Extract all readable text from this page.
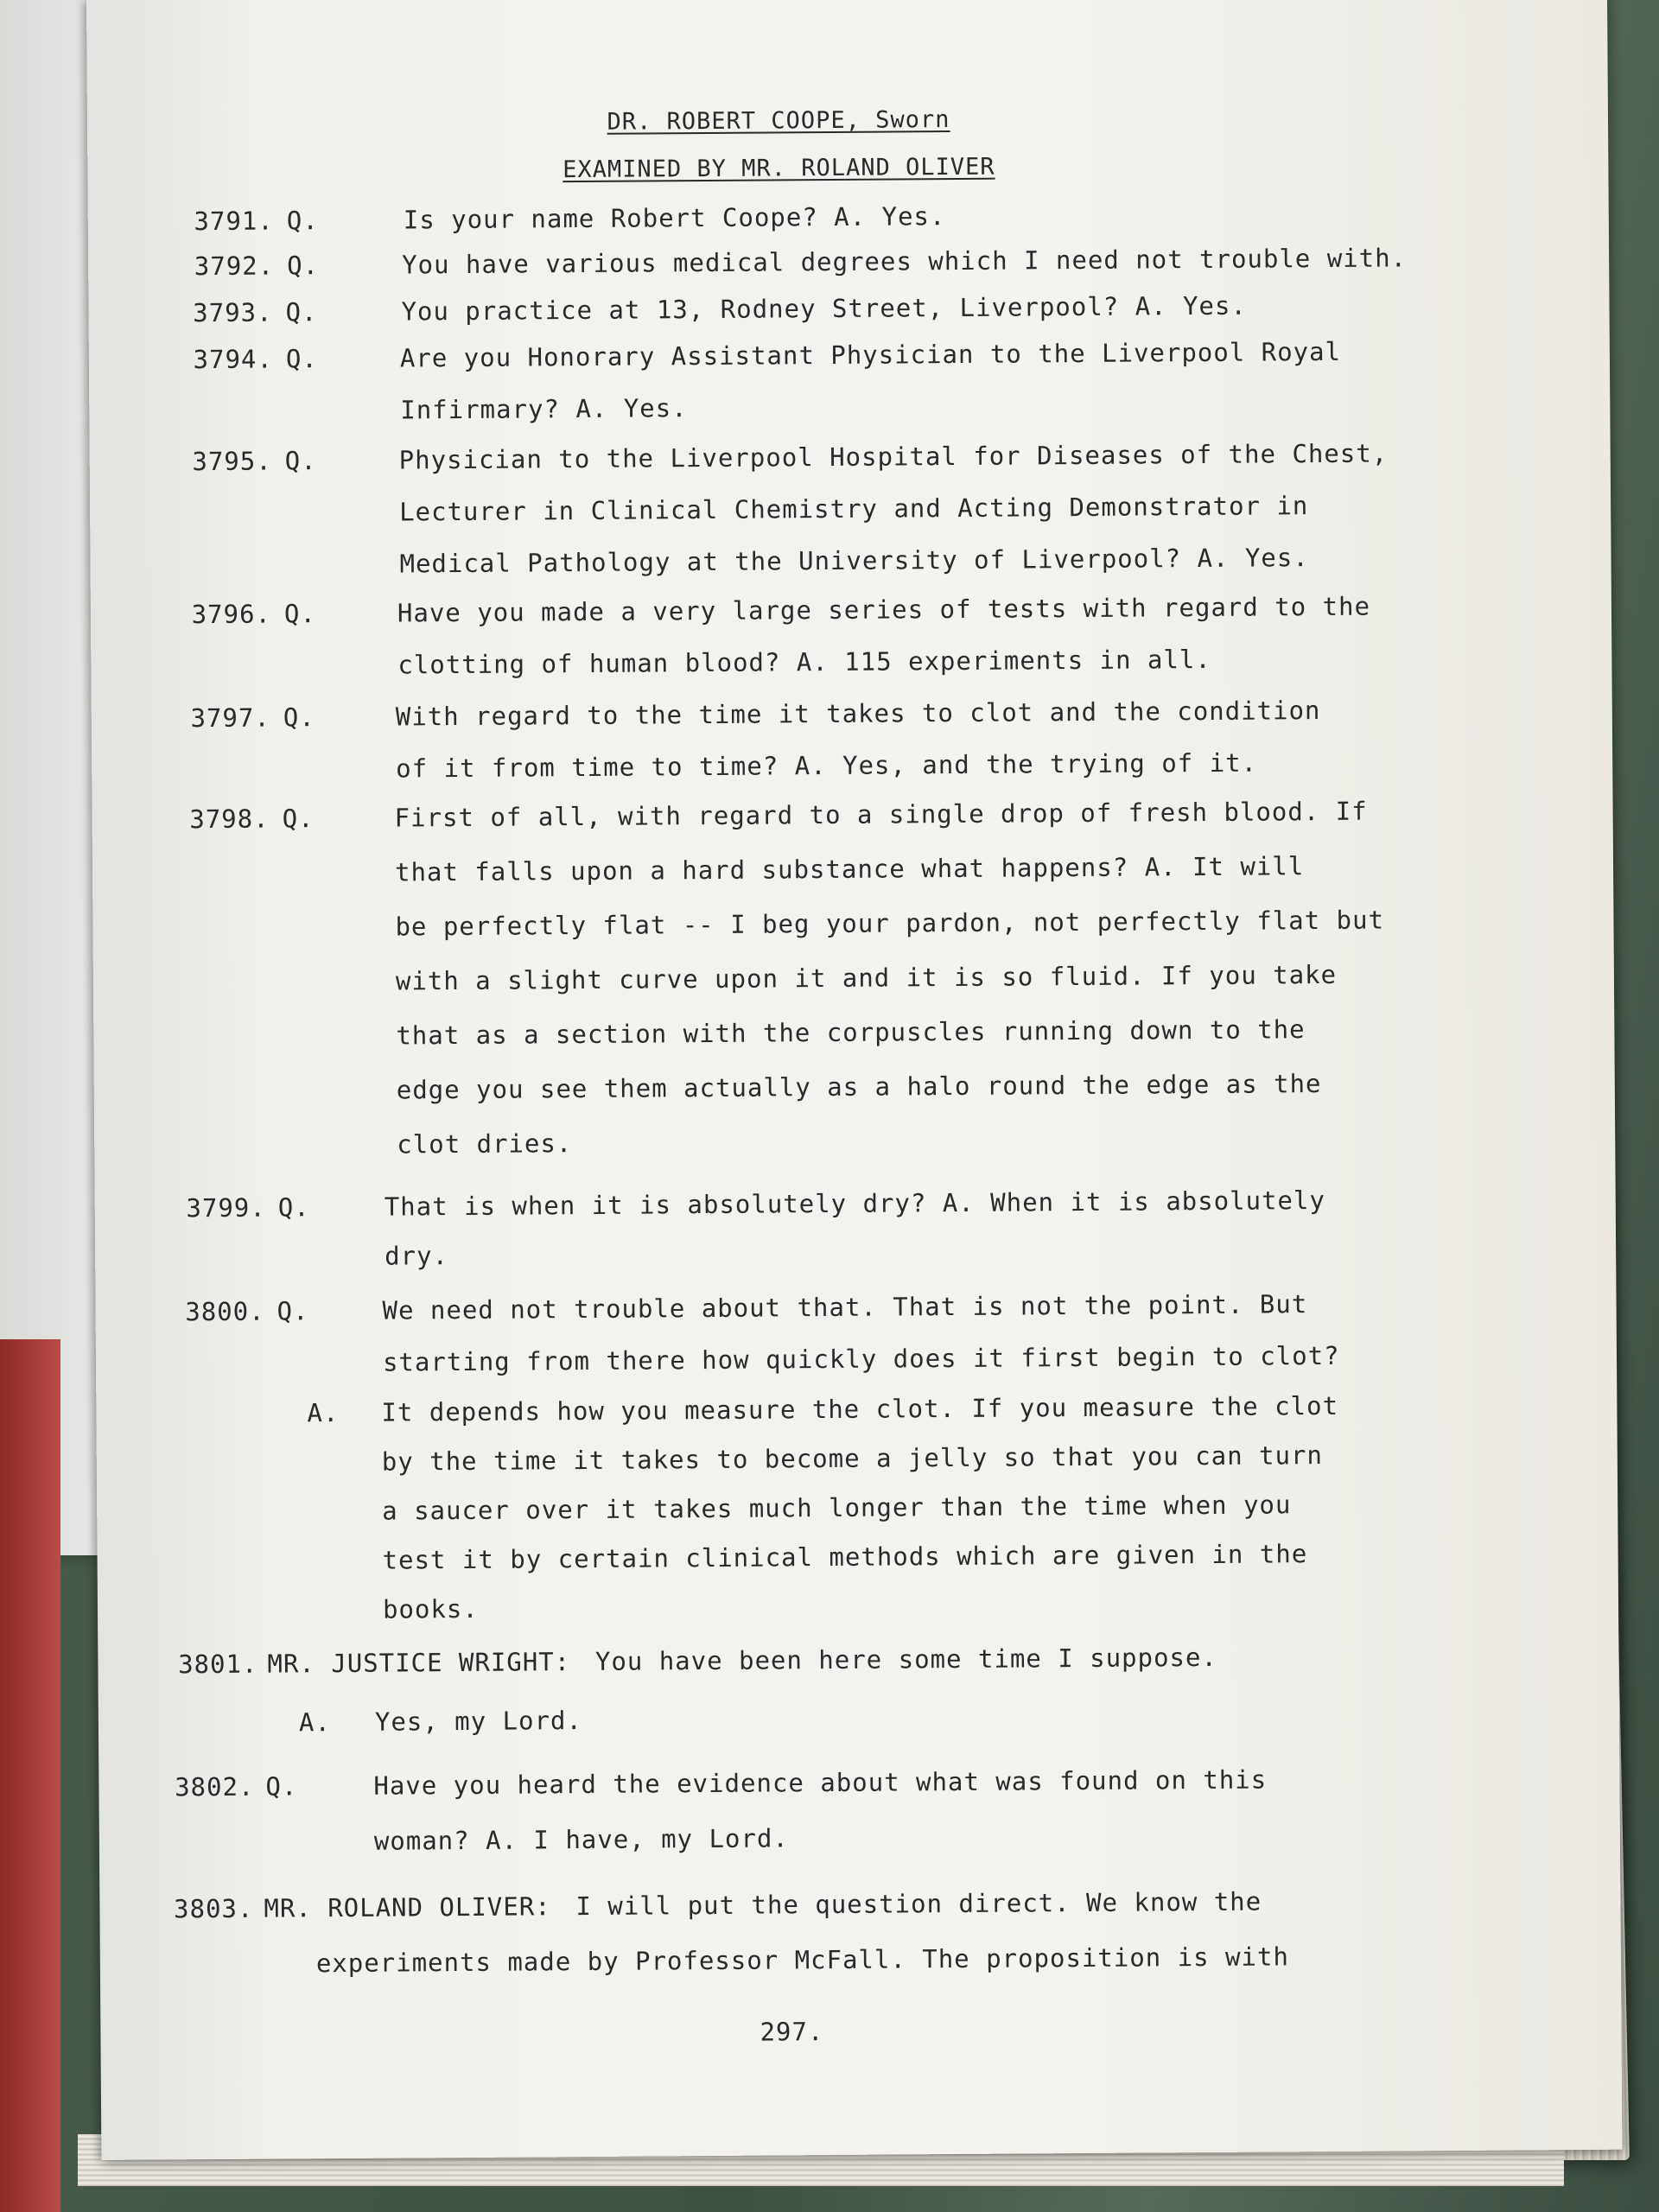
DR. ROBERT COOPE, Sworn
EXAMINED BY MR. ROLAND OLIVER
3791. Q.	Is your name Robert Coope? A. Yes.
3792. Q.	You have various medical degrees which I need not trouble with.
3793. Q.	You practice at 13, Rodney Street, Liverpool? A. Yes.
3794. Q.	Are you Honorary Assistant Physician to the Liverpool Royal
Infirmary? A. Yes.
3795. Q.	Physician to the Liverpool Hospital for Diseases of the Chest,
Lecturer in Clinical Chemistry and Acting Demonstrator in
Medical Pathology at the University of Liverpool? A. Yes.
3796. Q.	Have you made a very large series of tests with regard to the
clotting of human blood? A. 115 experiments in all.
3797. Q.	With regard to the time it takes to clot and the condition
of it from time to time? A. Yes, and the trying of it.
3798. Q.	First of all, with regard to a single drop of fresh blood. If
that falls upon a hard substance what happens? A. It will
be perfectly flat -- I beg your pardon, not perfectly flat but
with a slight curve upon it and it is so fluid. If you take
that as a section with the corpuscles running down to the
edge you see them actually as a halo round the edge as the
clot dries.
3799. Q.	That is when it is absolutely dry? A. When it is absolutely
dry.
3800. Q.	We need not trouble about that. That is not the point. But
starting from there how quickly does it first begin to clot?
A. It depends how you measure the clot. If you measure the clot
by the time it takes to become a jelly so that you can turn
a saucer over it takes much longer than the time when you
test it by certain clinical methods which are given in the
books.
3801. MR. JUSTICE WRIGHT: You have been here some time I suppose.
A. Yes, my Lord.
3802. Q.	Have you heard the evidence about what was found on this
woman? A. I have, my Lord.
3803. MR. ROLAND OLIVER: I will put the question direct. We know the
experiments made by Professor McFall. The proposition is with
297.
